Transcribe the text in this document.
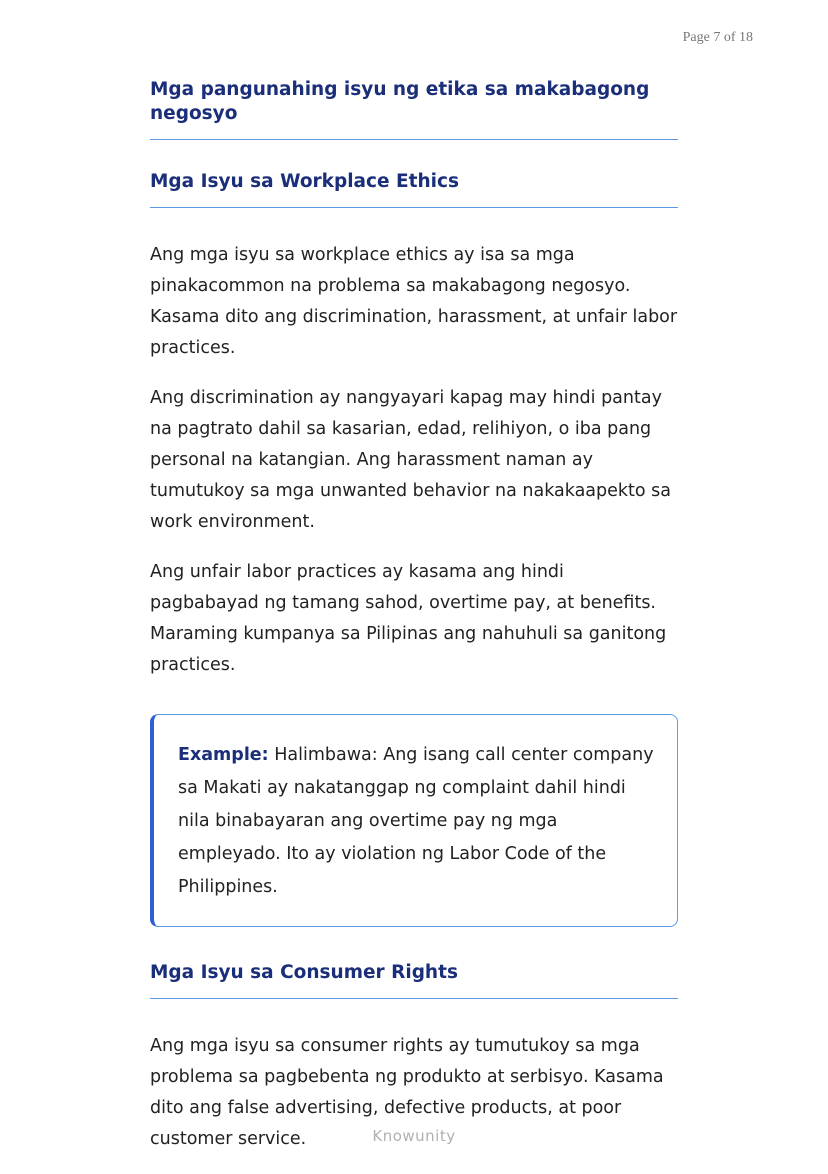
Page 7 of 18
Mga pangunahing isyu ng etika sa makabagong negosyo
Mga Isyu sa Workplace Ethics

Ang mga isyu sa workplace ethics ay isa sa mga pinakacommon na problema sa makabagong negosyo. Kasama dito ang discrimination, harassment, at unfair labor practices.

Ang discrimination ay nangyayari kapag may hindi pantay na pagtrato dahil sa kasarian, edad, relihiyon, o iba pang personal na katangian. Ang harassment naman ay tumutukoy sa mga unwanted behavior na nakakaapekto sa work environment.

Ang unfair labor practices ay kasama ang hindi pagbabayad ng tamang sahod, overtime pay, at benefits. Maraming kumpanya sa Pilipinas ang nahuhuli sa ganitong practices.

Example: Halimbawa: Ang isang call center company sa Makati ay nakatanggap ng complaint dahil hindi nila binabayaran ang overtime pay ng mga empleyado. Ito ay violation ng Labor Code of the Philippines.

Mga Isyu sa Consumer Rights

Ang mga isyu sa consumer rights ay tumutukoy sa mga problema sa pagbebenta ng produkto at serbisyo. Kasama dito ang false advertising, defective products, at poor customer service.	Knowunity
